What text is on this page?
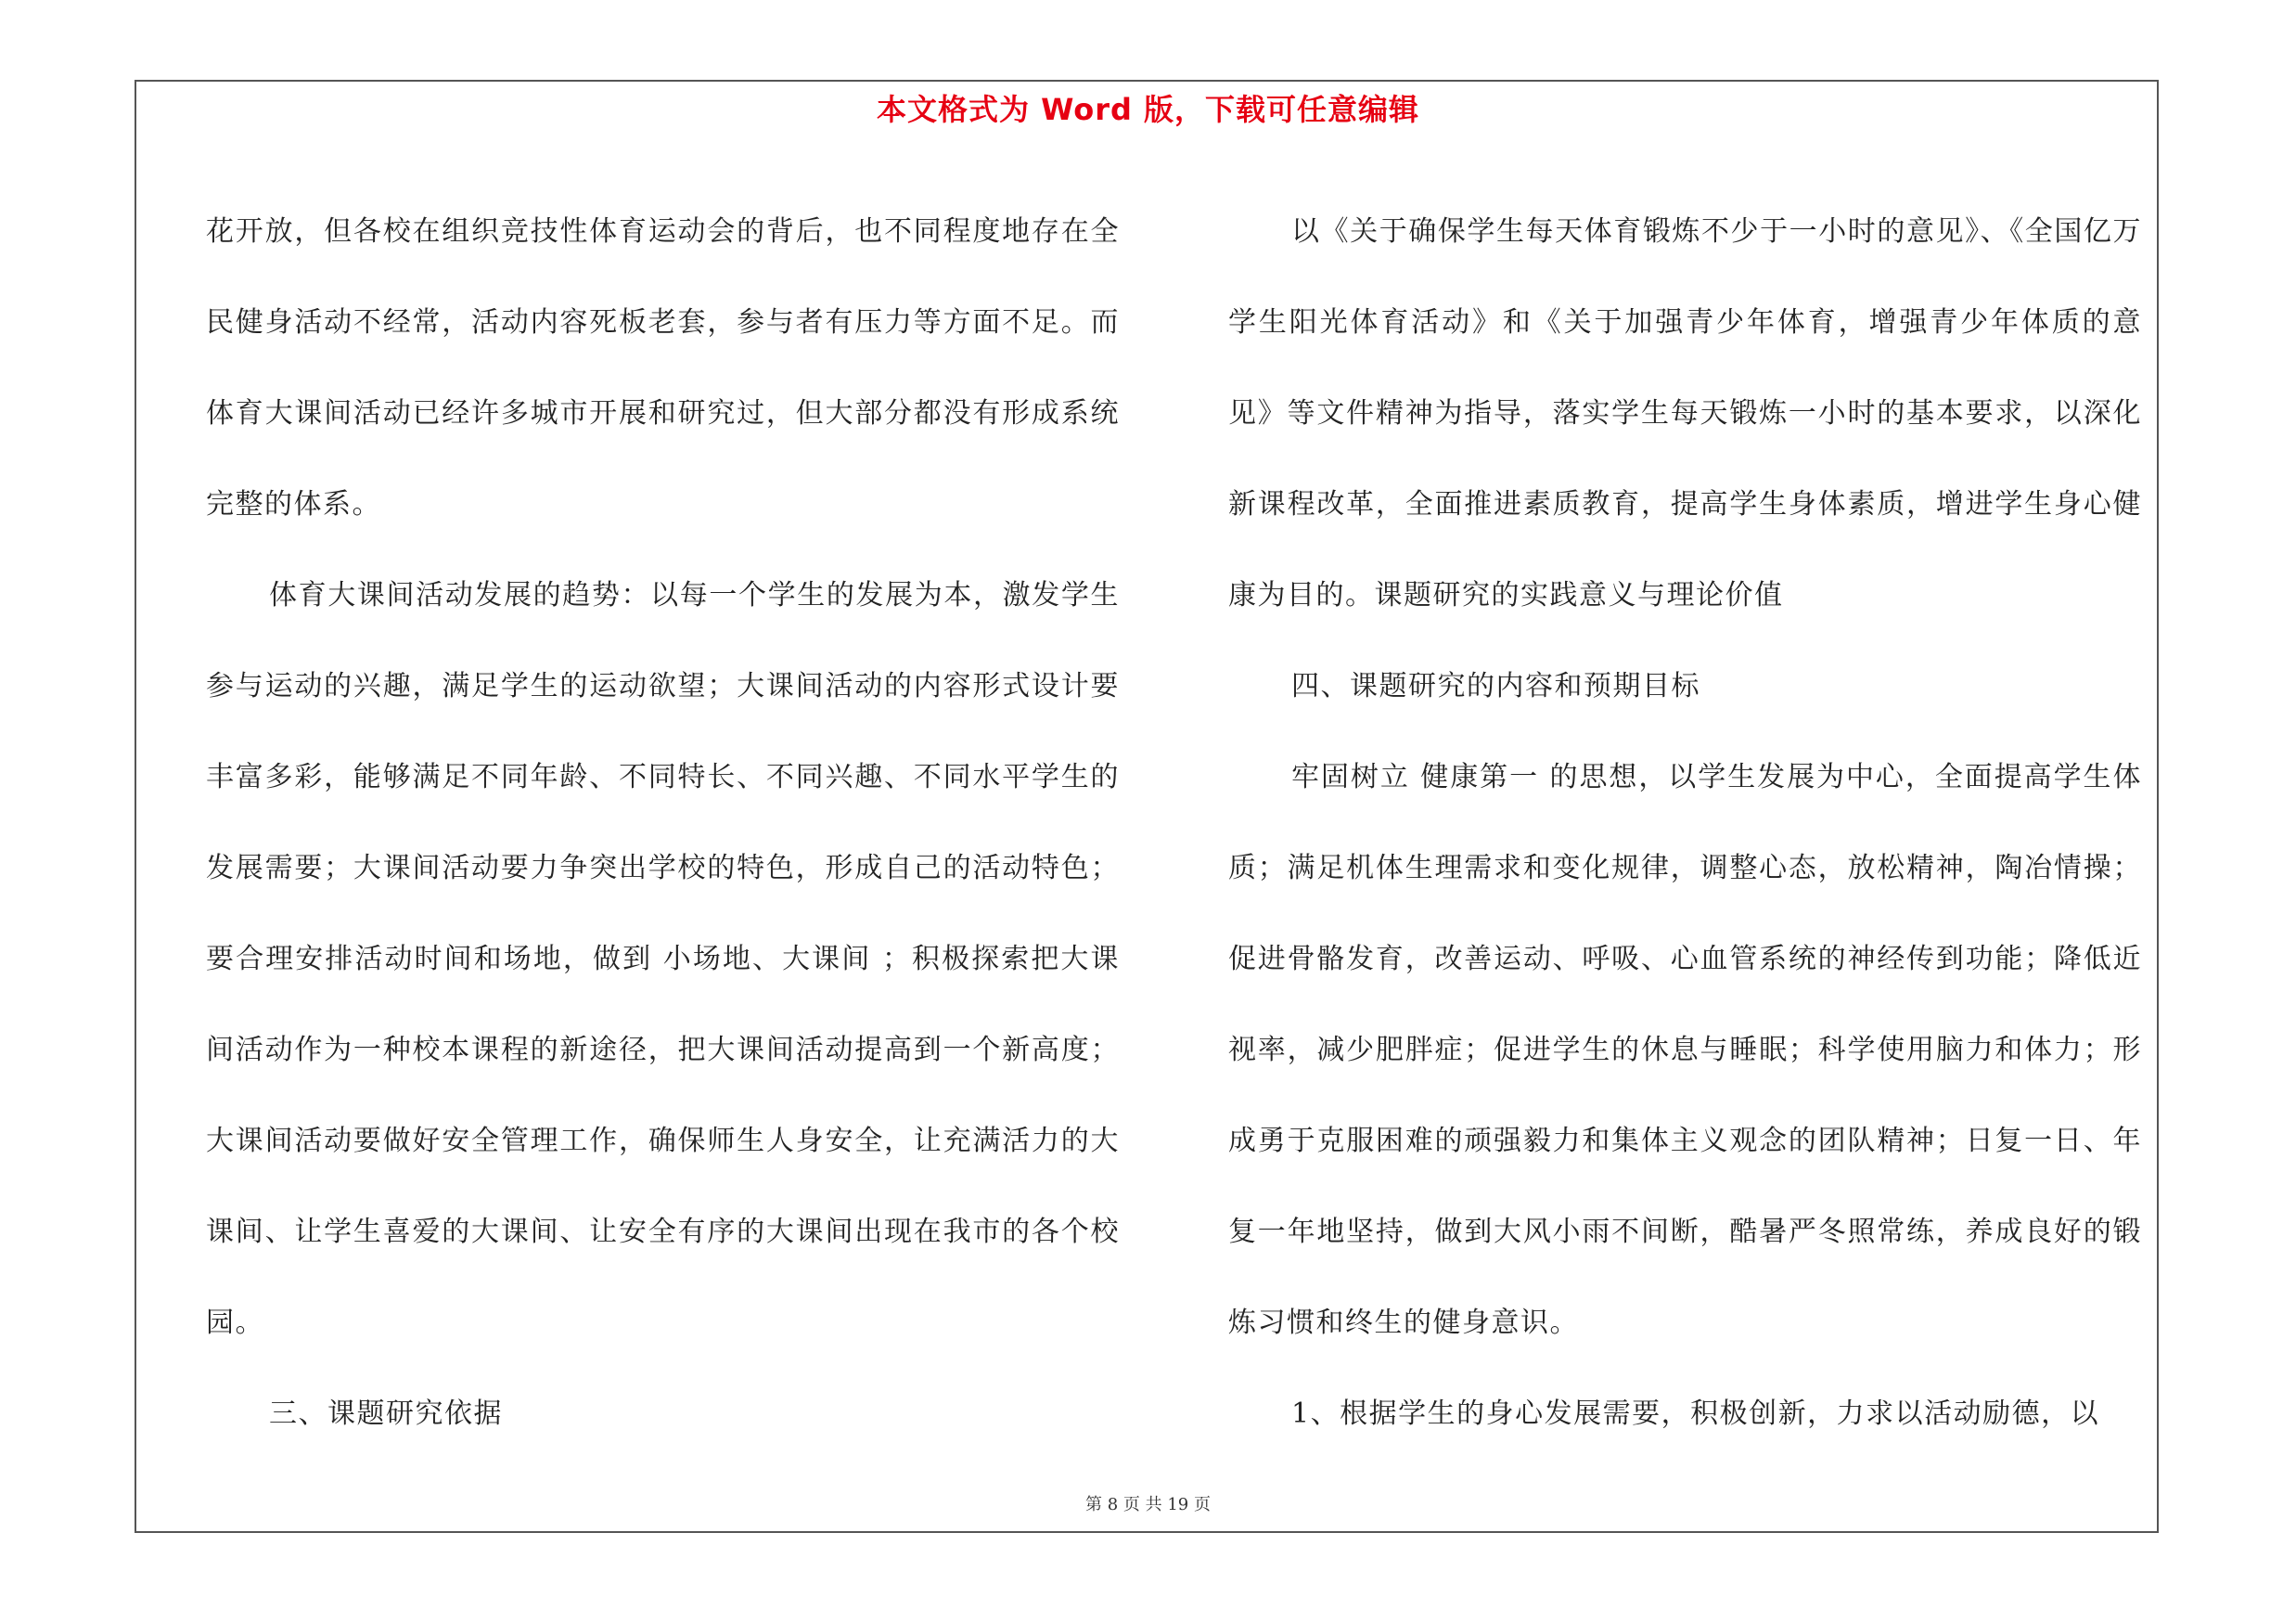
本文格式为 Word 版，下载可任意编辑

花开放，但各校在组织竞技性体育运动会的背后，也不同程度地存在全民健身活动不经常，活动内容死板老套，参与者有压力等方面不足。而体育大课间活动已经许多城市开展和研究过，但大部分都没有形成系统完整的体系。

体育大课间活动发展的趋势：以每一个学生的发展为本，激发学生参与运动的兴趣，满足学生的运动欲望；大课间活动的内容形式设计要丰富多彩，能够满足不同年龄、不同特长、不同兴趣、不同水平学生的发展需要；大课间活动要力争突出学校的特色，形成自己的活动特色；要合理安排活动时间和场地，做到 小场地、大课间 ；积极探索把大课间活动作为一种校本课程的新途径，把大课间活动提高到一个新高度；大课间活动要做好安全管理工作，确保师生人身安全，让充满活力的大课间、让学生喜爱的大课间、让安全有序的大课间出现在我市的各个校园。

三、课题研究依据

以《关于确保学生每天体育锻炼不少于一小时的意见》、《全国亿万学生阳光体育活动》和《关于加强青少年体育，增强青少年体质的意见》等文件精神为指导，落实学生每天锻炼一小时的基本要求，以深化新课程改革，全面推进素质教育，提高学生身体素质，增进学生身心健康为目的。课题研究的实践意义与理论价值

四、课题研究的内容和预期目标

牢固树立 健康第一 的思想，以学生发展为中心，全面提高学生体质；满足机体生理需求和变化规律，调整心态，放松精神，陶冶情操；促进骨骼发育，改善运动、呼吸、心血管系统的神经传到功能；降低近视率，减少肥胖症；促进学生的休息与睡眠；科学使用脑力和体力；形成勇于克服困难的顽强毅力和集体主义观念的团队精神；日复一日、年复一年地坚持，做到大风小雨不间断，酷暑严冬照常练，养成良好的锻炼习惯和终生的健身意识。

1、根据学生的身心发展需要，积极创新，力求以活动励德，以

第 8 页 共 19 页
